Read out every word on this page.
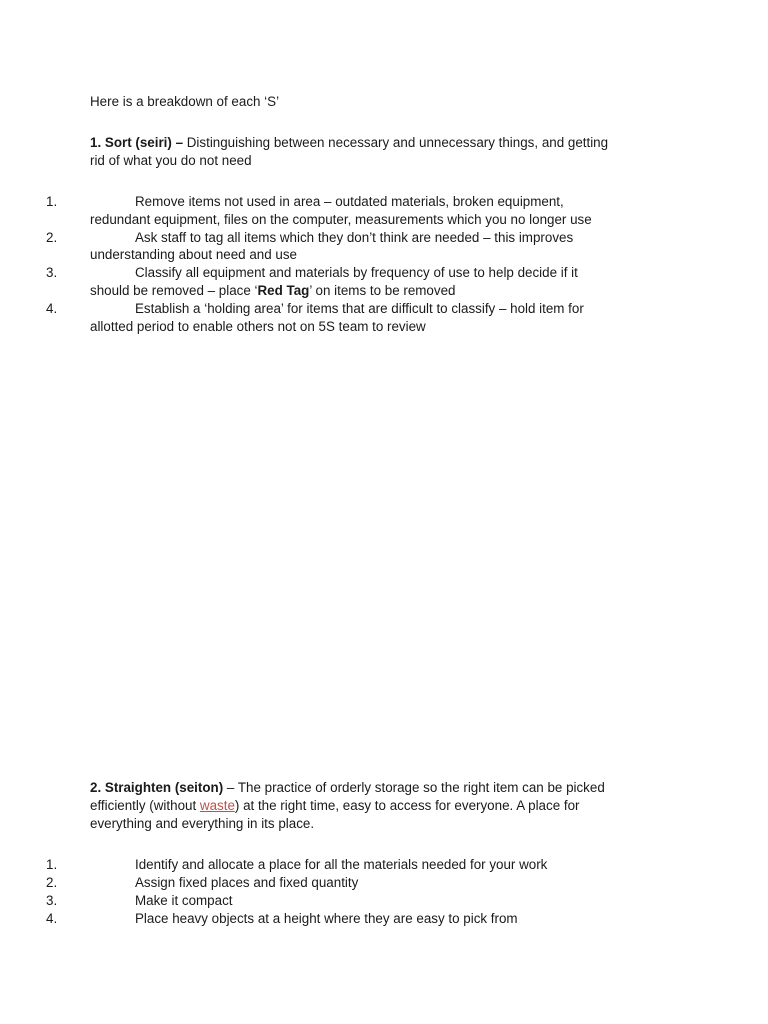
Here is a breakdown of each ‘S’
1. Sort (seiri) – Distinguishing between necessary and unnecessary things, and getting
rid of what you do not need
1.	Remove items not used in area – outdated materials, broken equipment,
redundant equipment, files on the computer, measurements which you no longer use
2.	Ask staff to tag all items which they don’t think are needed – this improves
understanding about need and use
3.	Classify all equipment and materials by frequency of use to help decide if it
should be removed – place ‘Red Tag’ on items to be removed
4.	Establish a ‘holding area’ for items that are difficult to classify – hold item for
allotted period to enable others not on 5S team to review
2. Straighten (seiton) – The practice of orderly storage so the right item can be picked
efficiently (without waste) at the right time, easy to access for everyone. A place for
everything and everything in its place.
1.	Identify and allocate a place for all the materials needed for your work
2.	Assign fixed places and fixed quantity
3.	Make it compact
4.	Place heavy objects at a height where they are easy to pick from
